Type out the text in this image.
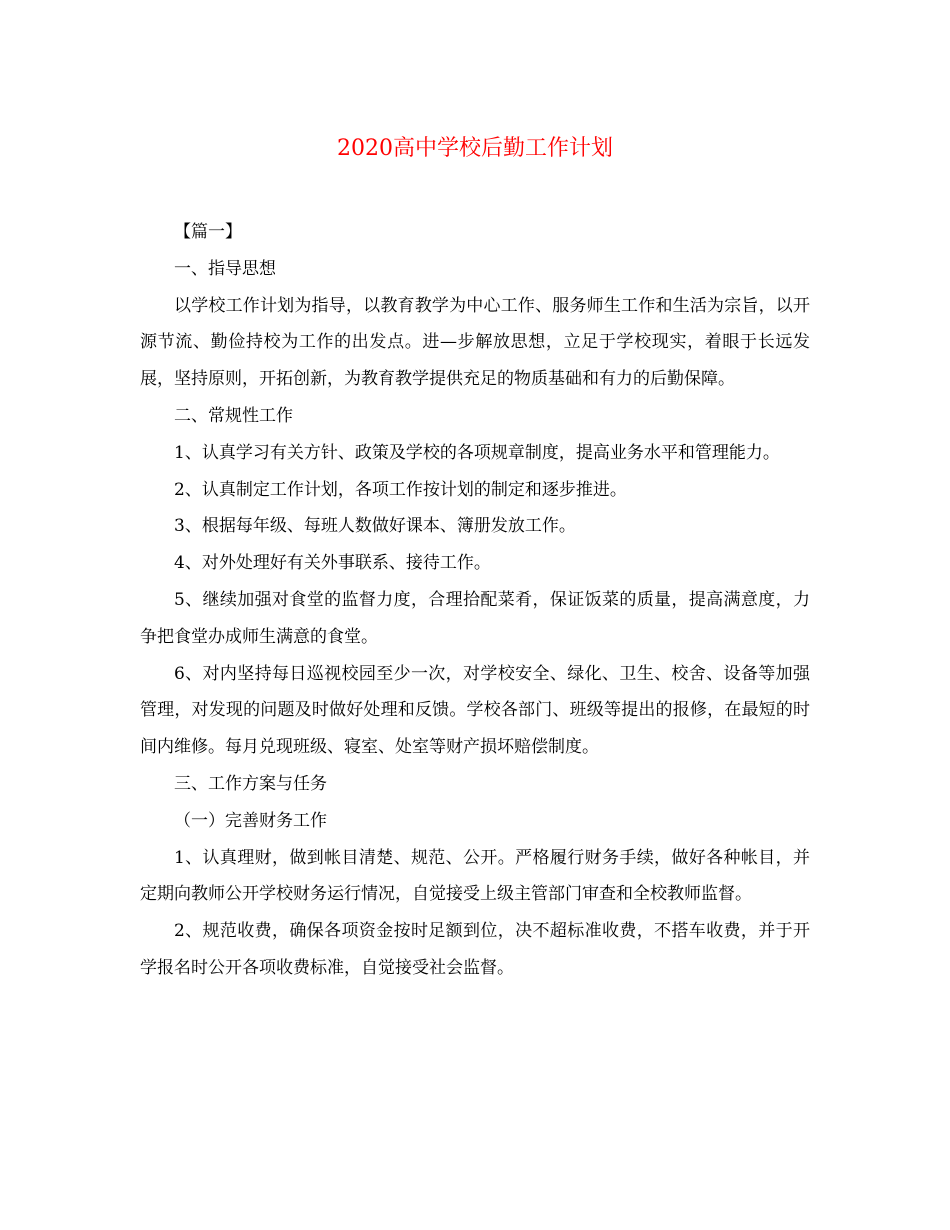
2020高中学校后勤工作计划

【篇一】

一、指导思想

以学校工作计划为指导，以教育教学为中心工作、服务师生工作和生活为宗旨，以开源节流、勤俭持校为工作的出发点。进—步解放思想，立足于学校现实，着眼于长远发展，坚持原则，开拓创新，为教育教学提供充足的物质基础和有力的后勤保障。

二、常规性工作

1、认真学习有关方针、政策及学校的各项规章制度，提高业务水平和管理能力。

2、认真制定工作计划，各项工作按计划的制定和逐步推进。

3、根据每年级、每班人数做好课本、簿册发放工作。

4、对外处理好有关外事联系、接待工作。

5、继续加强对食堂的监督力度，合理拾配菜肴，保证饭菜的质量，提高满意度，力争把食堂办成师生满意的食堂。

6、对内坚持每日巡视校园至少一次，对学校安全、绿化、卫生、校舍、设备等加强管理，对发现的问题及时做好处理和反馈。学校各部门、班级等提出的报修，在最短的时间内维修。每月兑现班级、寝室、处室等财产损坏赔偿制度。

三、工作方案与任务

（一）完善财务工作

1、认真理财，做到帐目清楚、规范、公开。严格履行财务手续，做好各种帐目，并定期向教师公开学校财务运行情况，自觉接受上级主管部门审查和全校教师监督。

2、规范收费，确保各项资金按时足额到位，决不超标准收费，不搭车收费，并于开学报名时公开各项收费标准，自觉接受社会监督。
